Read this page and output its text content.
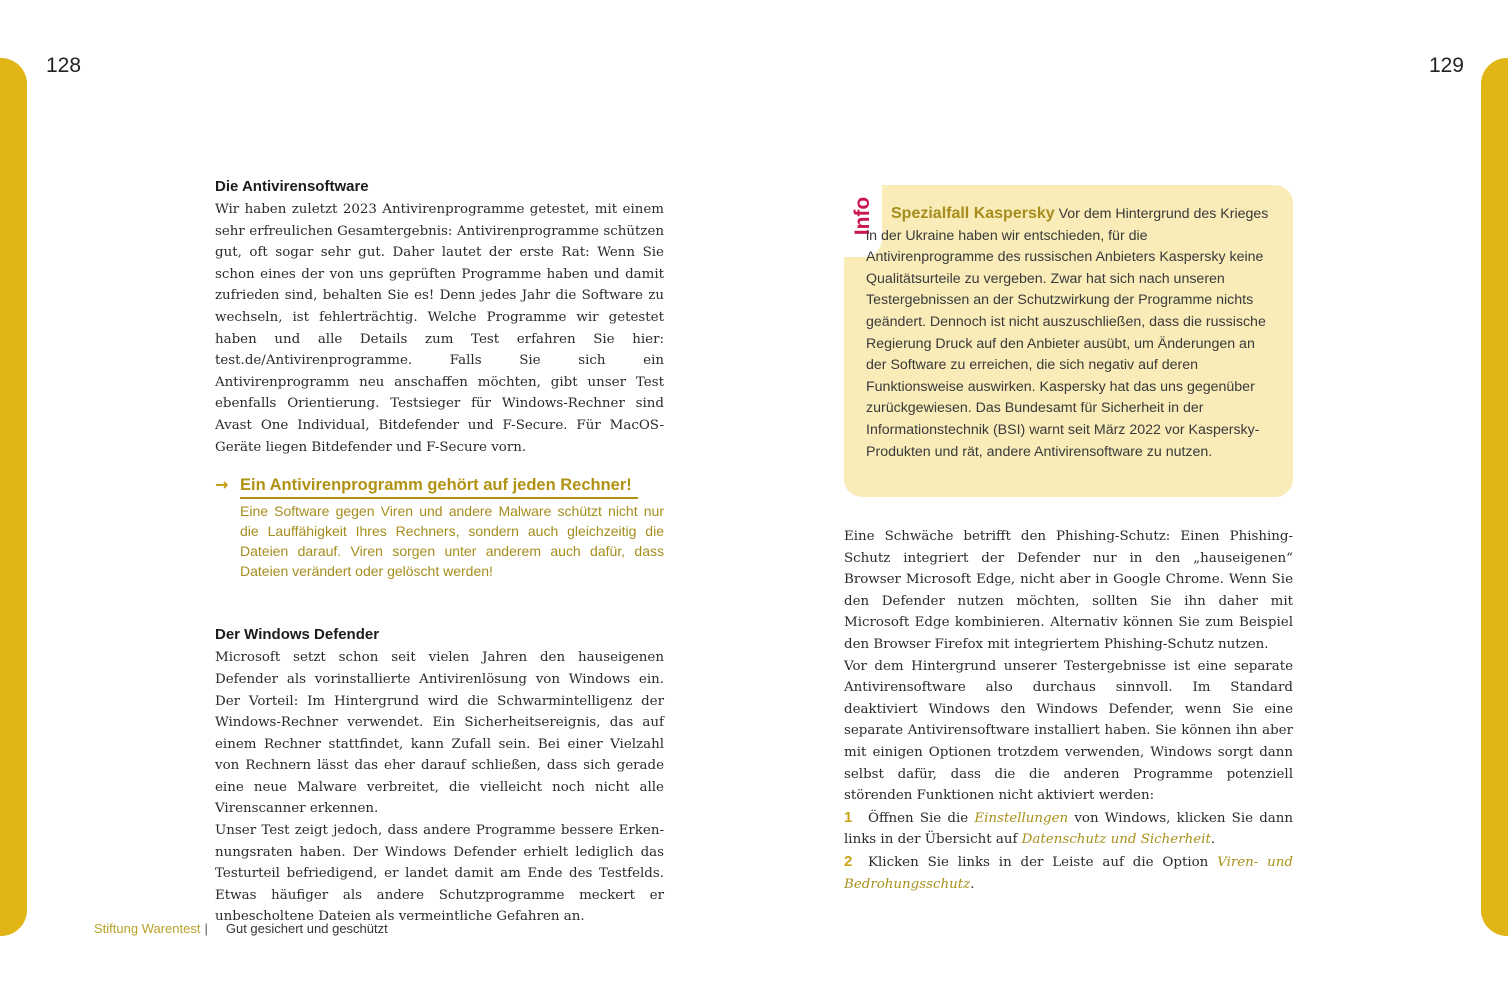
128	129
Die Antivirensoftware

Wir haben zuletzt 2023 Antivirenprogramme getestet, mit einem sehr erfreulichen Gesamtergebnis: Antivirenprogramme schützen gut, oft sogar sehr gut. Daher lautet der erste Rat: Wenn Sie schon eines der von uns geprüften Programme haben und damit zufrieden sind, behalten Sie es! Denn jedes Jahr die Software zu wechseln, ist fehlerträchtig. Welche Programme wir getestet haben und alle Details zum Test erfahren Sie hier: test.de/Antivirenprogramme. Falls Sie sich ein Antivirenprogramm neu anschaffen möchten, gibt unser Test ebenfalls Orientierung. Testsieger für Windows-Rechner sind Avast One Individual, Bitdefender und F-Secure. Für MacOS-Geräte liegen Bitdefender und F-Secure vorn.

→ Ein Antivirenprogramm gehört auf jeden Rechner!

Eine Software gegen Viren und andere Malware schützt nicht nur die Lauffähigkeit Ihres Rechners, sondern auch gleichzeitig die Dateien darauf. Viren sorgen unter anderem auch dafür, dass Dateien verändert oder gelöscht werden!

Der Windows Defender

Microsoft setzt schon seit vielen Jahren den hauseigenen Defender als vorinstallierte Antivirenlösung von Windows ein. Der Vorteil: Im Hintergrund wird die Schwarmintelligenz der Windows-Rechner verwendet. Ein Sicherheitsereignis, das auf einem Rechner stattfindet, kann Zufall sein. Bei einer Vielzahl von Rechnern lässt das eher darauf schließen, dass sich gerade eine neue Malware verbreitet, die vielleicht noch nicht alle Virenscanner erkennen.

Unser Test zeigt jedoch, dass andere Programme bessere Erkennungsraten haben. Der Windows Defender erhielt lediglich das Testurteil befriedigend, er landet damit am Ende des Testfelds. Etwas häufiger als andere Schutzprogramme meckert er unbescholtene Dateien als vermeintliche Gefahren an.

Info	Spezialfall Kaspersky Vor dem Hintergrund des Krieges in der Ukraine haben wir entschieden, für die Antivirenprogramme des russischen Anbieters Kaspersky keine Qualitätsurteile zu vergeben. Zwar hat sich nach unseren Testergebnissen an der Schutzwirkung der Programme nichts geändert. Dennoch ist nicht auszuschließen, dass die russische Regierung Druck auf den Anbieter ausübt, um Änderungen an der Software zu erreichen, die sich negativ auf deren Funktionsweise auswirken. Kaspersky hat das uns gegenüber zurückgewiesen. Das Bundesamt für Sicherheit in der Informationstechnik (BSI) warnt seit März 2022 vor Kaspersky-Produkten und rät, andere Antivirensoftware zu nutzen.

Eine Schwäche betrifft den Phishing-Schutz: Einen Phishing-Schutz integriert der Defender nur in den „hauseigenen“ Browser Microsoft Edge, nicht aber in Google Chrome. Wenn Sie den Defender nutzen möchten, sollten Sie ihn daher mit Microsoft Edge kombinieren. Alternativ können Sie zum Beispiel den Browser Firefox mit integriertem Phishing-Schutz nutzen.

Vor dem Hintergrund unserer Testergebnisse ist eine separate Antivirensoftware also durchaus sinnvoll. Im Standard deaktiviert Windows den Windows Defender, wenn Sie eine separate Antivirensoftware installiert haben. Sie können ihn aber mit einigen Optionen trotzdem verwenden, Windows sorgt dann selbst dafür, dass die die anderen Programme potenziell störenden Funktionen nicht aktiviert werden:

1 Öffnen Sie die Einstellungen von Windows, klicken Sie dann links in der Übersicht auf Datenschutz und Sicherheit.

2 Klicken Sie links in der Leiste auf die Option Viren- und Bedrohungsschutz.

Stiftung Warentest | Gut gesichert und geschützt
